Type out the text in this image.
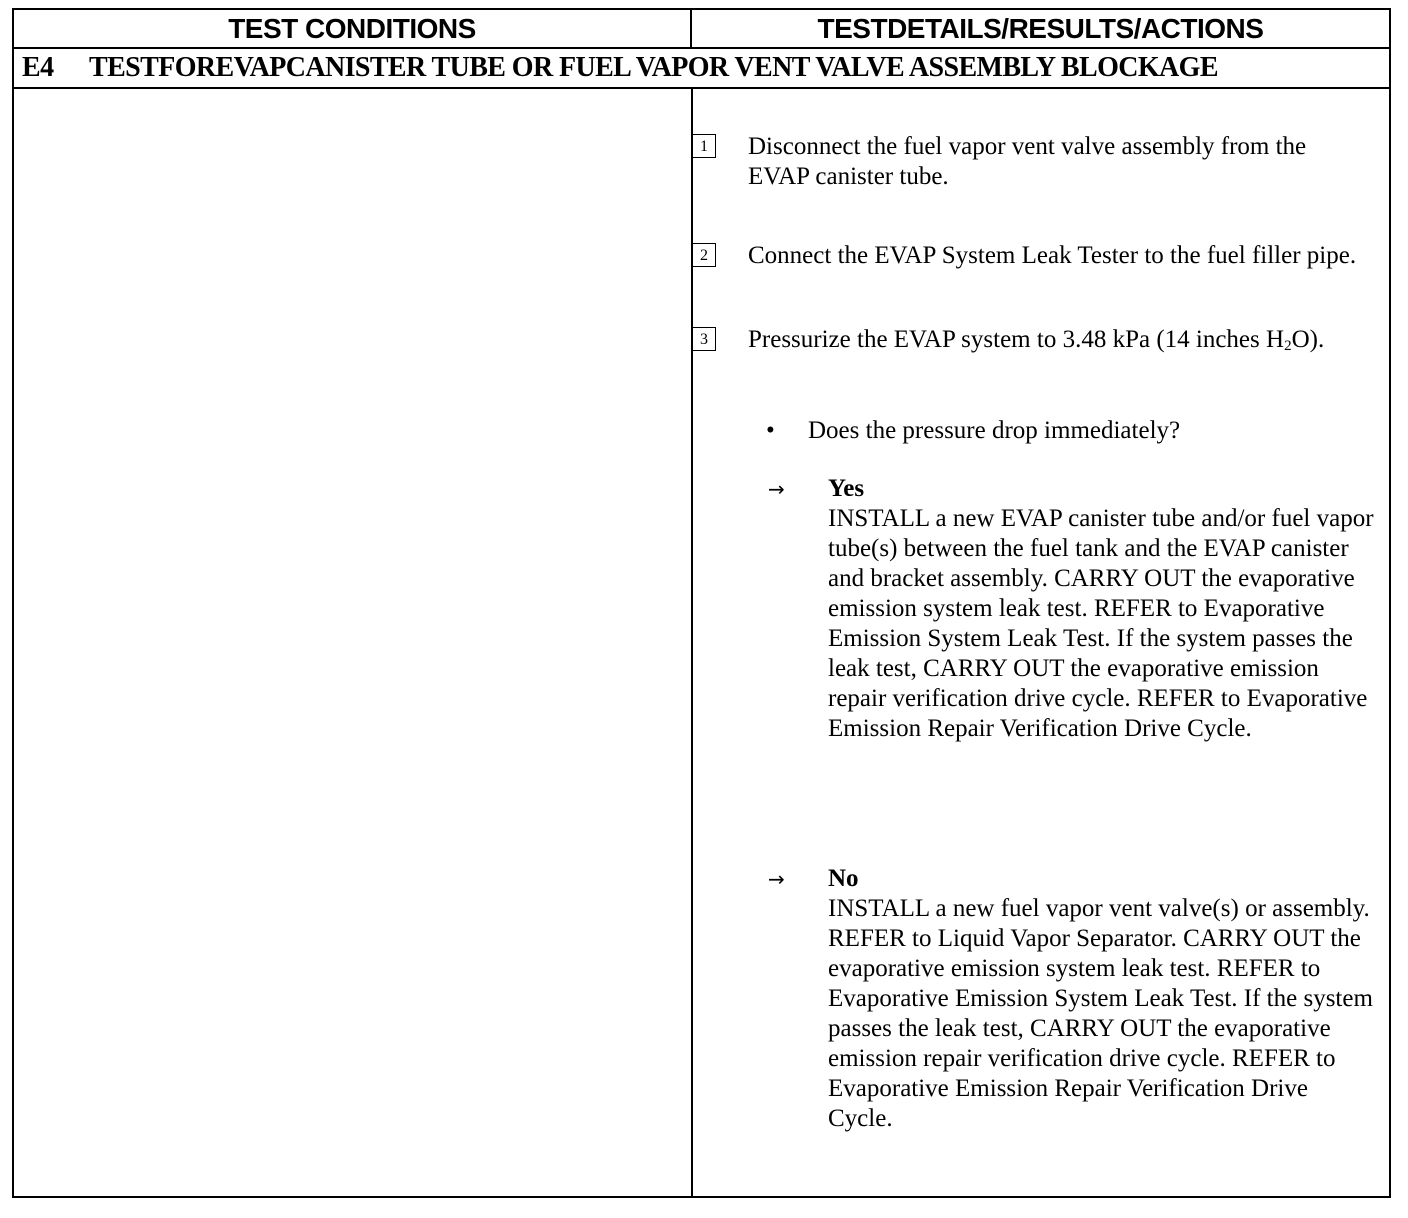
TEST CONDITIONS	TESTDETAILS/RESULTS/ACTIONS
E4 TESTFOREVAPCANISTER TUBE OR FUEL VAPOR VENT VALVE ASSEMBLY BLOCKAGE
1	Disconnect the fuel vapor vent valve assembly from the EVAP canister tube.
2	Connect the EVAP System Leak Tester to the fuel filler pipe.
3	Pressurize the EVAP system to 3.48 kPa (14 inches $H_2O$).
• Does the pressure drop immediately?
→ Yes
INSTALL a new EVAP canister tube and/or fuel vapor tube(s) between the fuel tank and the EVAP canister and bracket assembly. CARRY OUT the evaporative emission system leak test. REFER to Evaporative Emission System Leak Test. If the system passes the leak test, CARRY OUT the evaporative emission repair verification drive cycle. REFER to Evaporative Emission Repair Verification Drive Cycle.
→ No
INSTALL a new fuel vapor vent valve(s) or assembly. REFER to Liquid Vapor Separator. CARRY OUT the evaporative emission system leak test. REFER to Evaporative Emission System Leak Test. If the system passes the leak test, CARRY OUT the evaporative emission repair verification drive cycle. REFER to Evaporative Emission Repair Verification Drive Cycle.
